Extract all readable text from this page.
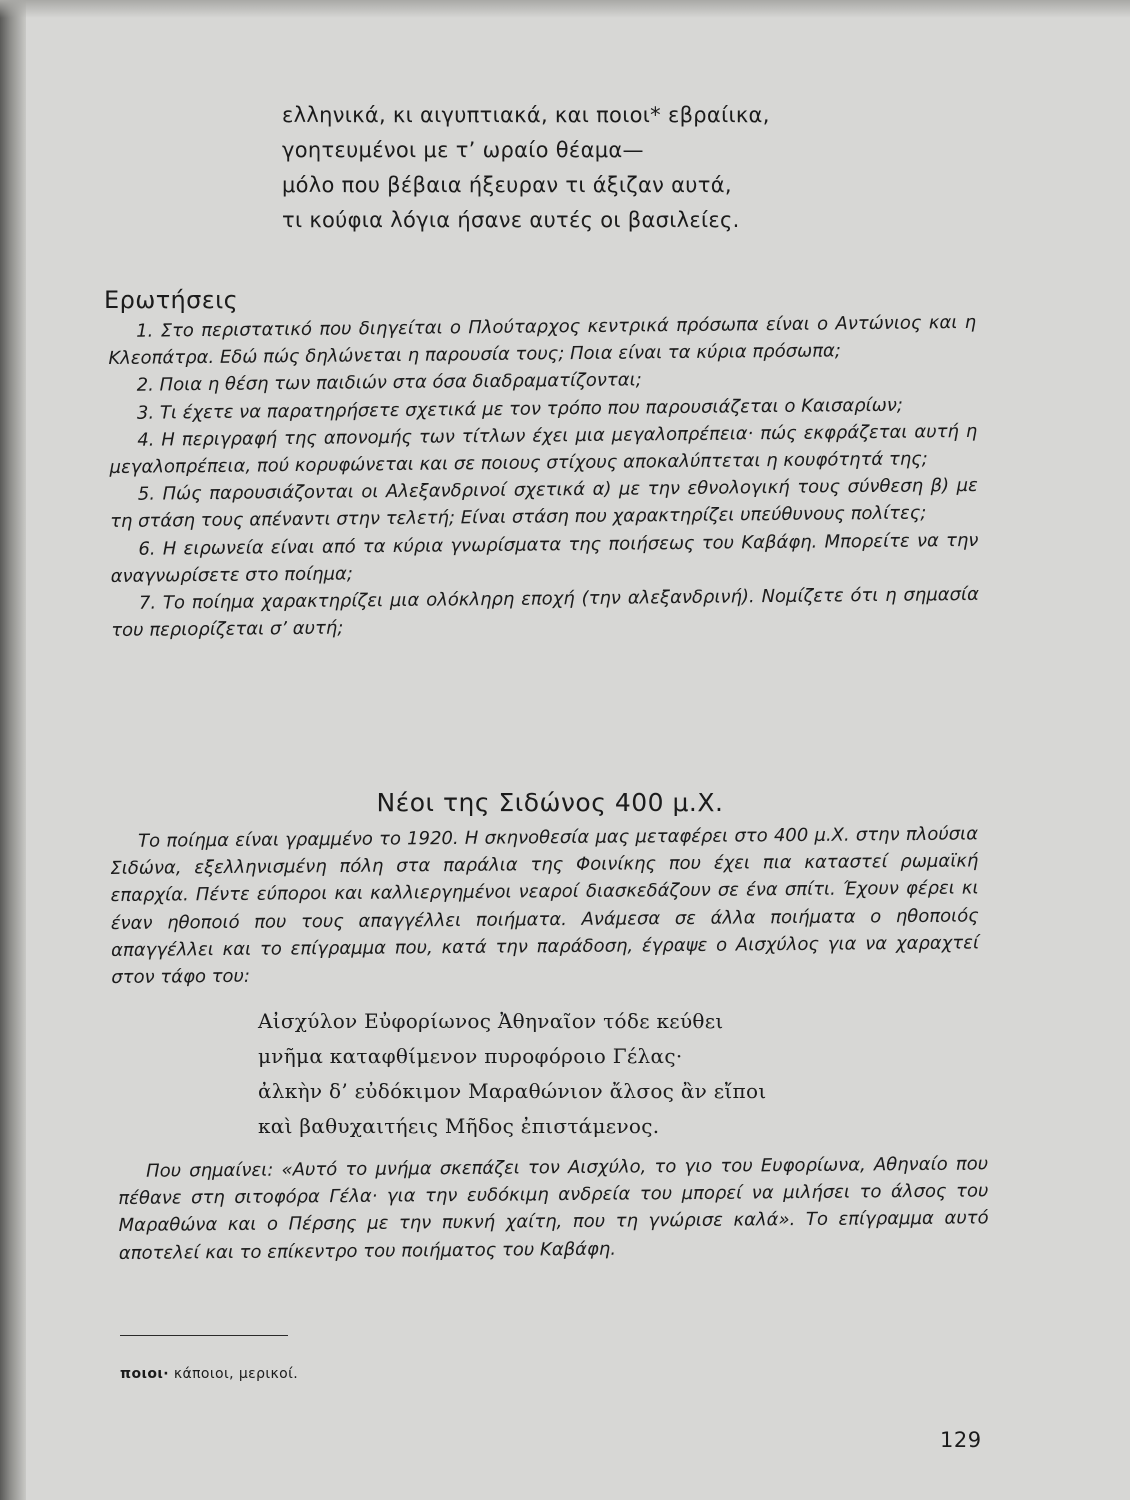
ελληνικά, κι αιγυπτιακά, και ποιοι* εβραίικα,
γοητευμένοι με τ’ ωραίο θέαμα—
μόλο που βέβαια ήξευραν τι άξιζαν αυτά,
τι κούφια λόγια ήσανε αυτές οι βασιλείες.
Ερωτήσεις

1. Στο περιστατικό που διηγείται ο Πλούταρχος κεντρικά πρόσωπα είναι ο Αντώνιος και η Κλεοπάτρα. Εδώ πώς δηλώνεται η παρουσία τους; Ποια είναι τα κύρια πρόσωπα;

2. Ποια η θέση των παιδιών στα όσα διαδραματίζονται;

3. Τι έχετε να παρατηρήσετε σχετικά με τον τρόπο που παρουσιάζεται ο Καισαρίων;

4. Η περιγραφή της απονομής των τίτλων έχει μια μεγαλοπρέπεια· πώς εκφράζεται αυτή η μεγαλοπρέπεια, πού κορυφώνεται και σε ποιους στίχους αποκαλύπτεται η κουφότητά της;

5. Πώς παρουσιάζονται οι Αλεξανδρινοί σχετικά α) με την εθνολογική τους σύνθεση β) με τη στάση τους απέναντι στην τελετή; Είναι στάση που χαρακτηρίζει υπεύθυνους πολίτες;

6. Η ειρωνεία είναι από τα κύρια γνωρίσματα της ποιήσεως του Καβάφη. Μπορείτε να την αναγνωρίσετε στο ποίημα;

7. Το ποίημα χαρακτηρίζει μια ολόκληρη εποχή (την αλεξανδρινή). Νομίζετε ότι η σημασία του περιορίζεται σ’ αυτή;

Νέοι της Σιδώνος 400 μ.Χ.

Το ποίημα είναι γραμμένο το 1920. Η σκηνοθεσία μας μεταφέρει στο 400 μ.Χ. στην πλούσια Σιδώνα, εξελληνισμένη πόλη στα παράλια της Φοινίκης που έχει πια καταστεί ρωμαϊκή επαρχία. Πέντε εύποροι και καλλιεργημένοι νεαροί διασκεδάζουν σε ένα σπίτι. Έχουν φέρει κι έναν ηθοποιό που τους απαγγέλλει ποιήματα. Ανάμεσα σε άλλα ποιήματα ο ηθοποιός απαγγέλλει και το επίγραμμα που, κατά την παράδοση, έγραψε ο Αισχύλος για να χαραχτεί στον τάφο του:

Αἰσχύλον Εὐφορίωνος Ἀθηναῖον τόδε κεύθει
μνῆμα καταφθίμενον πυροφόροιο Γέλας·
ἀλκὴν δ’ εὐδόκιμον Μαραθώνιον ἄλσος ἂν εἴποι
καὶ βαθυχαιτήεις Μῆδος ἐπιστάμενος.

Που σημαίνει: «Αυτό το μνήμα σκεπάζει τον Αισχύλο, το γιο του Ευφορίωνα, Αθηναίο που πέθανε στη σιτοφόρα Γέλα· για την ευδόκιμη ανδρεία του μπορεί να μιλήσει το άλσος του Μαραθώνα και ο Πέρσης με την πυκνή χαίτη, που τη γνώρισε καλά». Το επίγραμμα αυτό αποτελεί και το επίκεντρο του ποιήματος του Καβάφη.

ποιοι· κάποιοι, μερικοί.
129
